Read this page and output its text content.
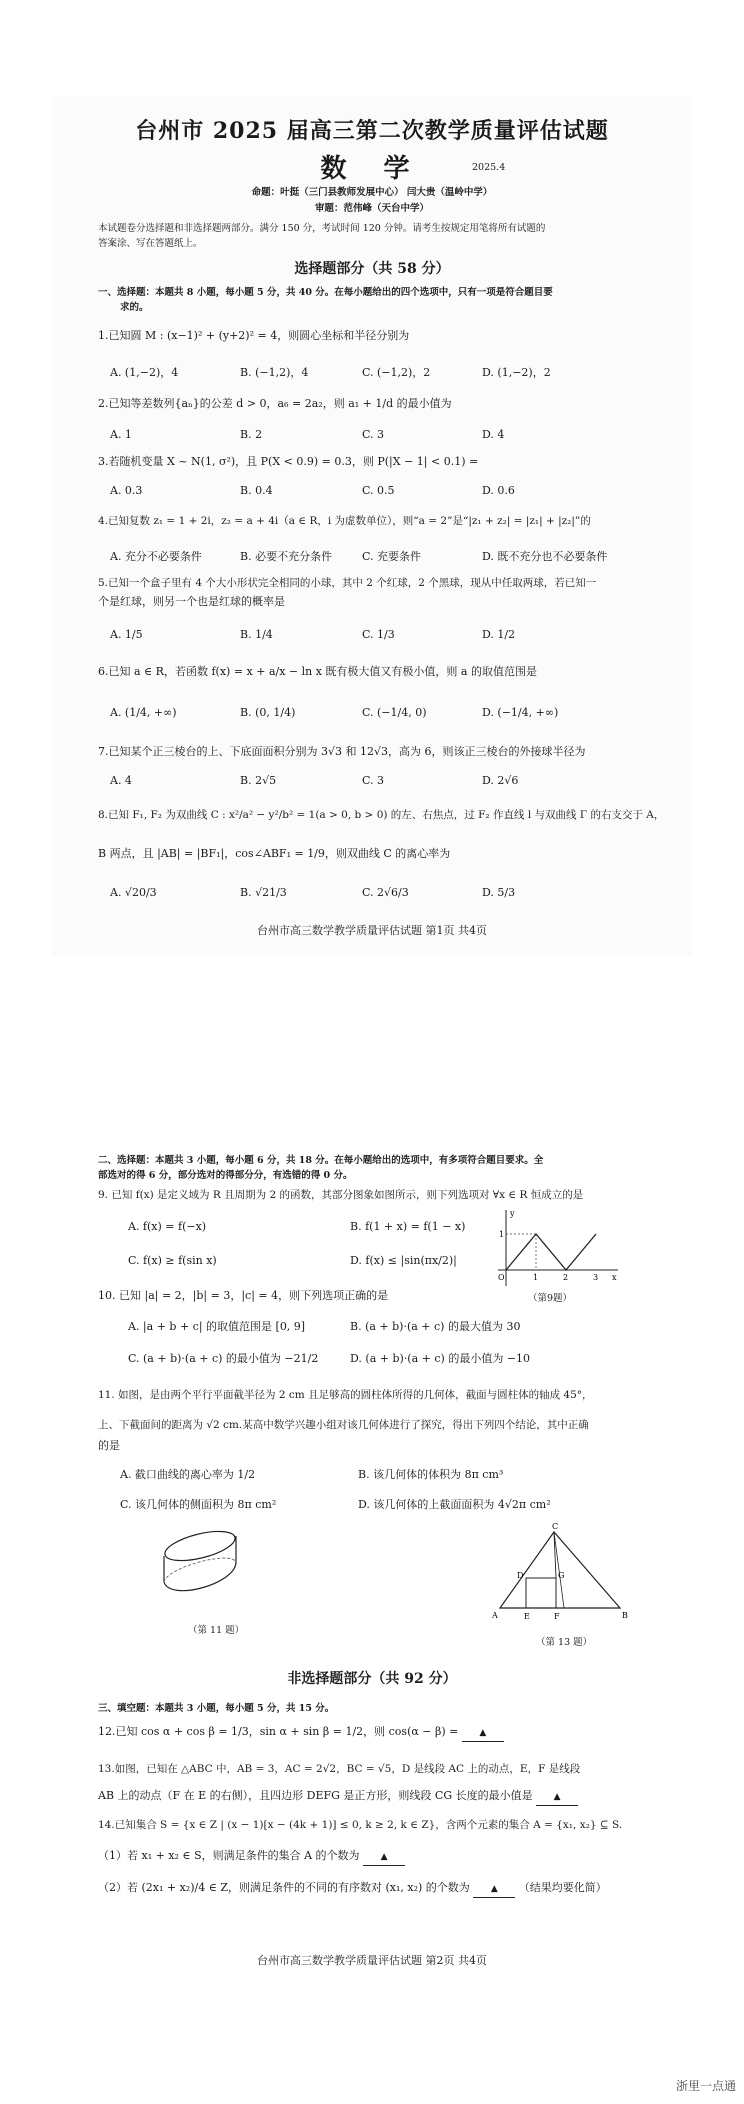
台州市 2025 届高三第二次教学质量评估试题
数 学	2025.4
命题：叶挺（三门县教师发展中心） 闫大贵（温岭中学）
审题：范伟峰（天台中学）
本试题卷分选择题和非选择题两部分。满分 150 分，考试时间 120 分钟。请考生按规定用笔将所有试题的
答案涂、写在答题纸上。
选择题部分（共 58 分）
一、选择题：本题共 8 小题，每小题 5 分，共 40 分。在每小题给出的四个选项中，只有一项是符合题目要
求的。
1.已知圆 M : (x−1)² + (y+2)² = 4，则圆心坐标和半径分别为
A. (1,−2)，4	B. (−1,2)，4	C. (−1,2)，2	D. (1,−2)，2
2.已知等差数列{aₙ}的公差 d > 0，a₆ = 2a₂，则 a₁ + 1/d 的最小值为
A. 1	B. 2	C. 3	D. 4
3.若随机变量 X ~ N(1, σ²)，且 P(X < 0.9) = 0.3，则 P(|X − 1| < 0.1) =
A. 0.3	B. 0.4	C. 0.5	D. 0.6
4.已知复数 z₁ = 1 + 2i，z₂ = a + 4i（a ∈ R，i 为虚数单位），则“a = 2”是“|z₁ + z₂| = |z₁| + |z₂|”的
A. 充分不必要条件	B. 必要不充分条件	C. 充要条件	D. 既不充分也不必要条件
5.已知一个盒子里有 4 个大小形状完全相同的小球，其中 2 个红球，2 个黑球，现从中任取两球，若已知一
个是红球，则另一个也是红球的概率是
A. 1/5	B. 1/4	C. 1/3	D. 1/2
6.已知 a ∈ R，若函数 f(x) = x + a/x − ln x 既有极大值又有极小值，则 a 的取值范围是
A. (1/4, +∞)	B. (0, 1/4)	C. (−1/4, 0)	D. (−1/4, +∞)
7.已知某个正三棱台的上、下底面面积分别为 3√3 和 12√3，高为 6，则该正三棱台的外接球半径为
A. 4	B. 2√5	C. 3	D. 2√6
8.已知 F₁, F₂ 为双曲线 C : x²/a² − y²/b² = 1(a > 0, b > 0) 的左、右焦点，过 F₂ 作直线 l 与双曲线 Γ 的右支交于 A，
B 两点，且 |AB| = |BF₁|，cos∠ABF₁ = 1/9，则双曲线 C 的离心率为
A. √20/3	B. √21/3	C. 2√6/3	D. 5/3
台州市高三数学教学质量评估试题 第1页 共4页
二、选择题：本题共 3 小题，每小题 6 分，共 18 分。在每小题给出的选项中，有多项符合题目要求。全
部选对的得 6 分，部分选对的得部分分，有选错的得 0 分。
9. 已知 f(x) 是定义域为 R 且周期为 2 的函数，其部分图象如图所示，则下列选项对 ∀x ∈ R 恒成立的是
A. f(x) = f(−x)	B. f(1 + x) = f(1 − x)
C. f(x) ≥ f(sin x)	D. f(x) ≤ |sin(πx/2)|
y
x
O
1
1	2	3
（第9题）
10. 已知 |a| = 2，|b| = 3，|c| = 4，则下列选项正确的是
A. |a + b + c| 的取值范围是 [0, 9]	B. (a + b)·(a + c) 的最大值为 30
C. (a + b)·(a + c) 的最小值为 −21/2	D. (a + b)·(a + c) 的最小值为 −10
11. 如图，是由两个平行平面截半径为 2 cm 且足够高的圆柱体所得的几何体，截面与圆柱体的轴成 45°，
上、下截面间的距离为 √2 cm.某高中数学兴趣小组对该几何体进行了探究，得出下列四个结论，其中正确
的是
A. 截口曲线的离心率为 1/2	B. 该几何体的体积为 8π cm³
C. 该几何体的侧面积为 8π cm²	D. 该几何体的上截面面积为 4√2π cm²
（第 11 题）
A	B
C
D
E	F
G
（第 13 题）
非选择题部分（共 92 分）
三、填空题：本题共 3 小题，每小题 5 分，共 15 分。
12.已知 cos α + cos β = 1/3，sin α + sin β = 1/2，则 cos(α − β) = ▲
13.如图，已知在 △ABC 中，AB = 3，AC = 2√2，BC = √5，D 是线段 AC 上的动点，E，F 是线段
AB 上的动点（F 在 E 的右侧），且四边形 DEFG 是正方形，则线段 CG 长度的最小值是 ▲
14.已知集合 S = {x ∈ Z | (x − 1)[x − (4k + 1)] ≤ 0, k ≥ 2, k ∈ Z}，含两个元素的集合 A = {x₁, x₂} ⊆ S.
（1）若 x₁ + x₂ ∈ S，则满足条件的集合 A 的个数为 ▲
（2）若 (2x₁ + x₂)/4 ∈ Z，则满足条件的不同的有序数对 (x₁, x₂) 的个数为 ▲ （结果均要化简）
台州市高三数学教学质量评估试题 第2页 共4页
浙里一点通
